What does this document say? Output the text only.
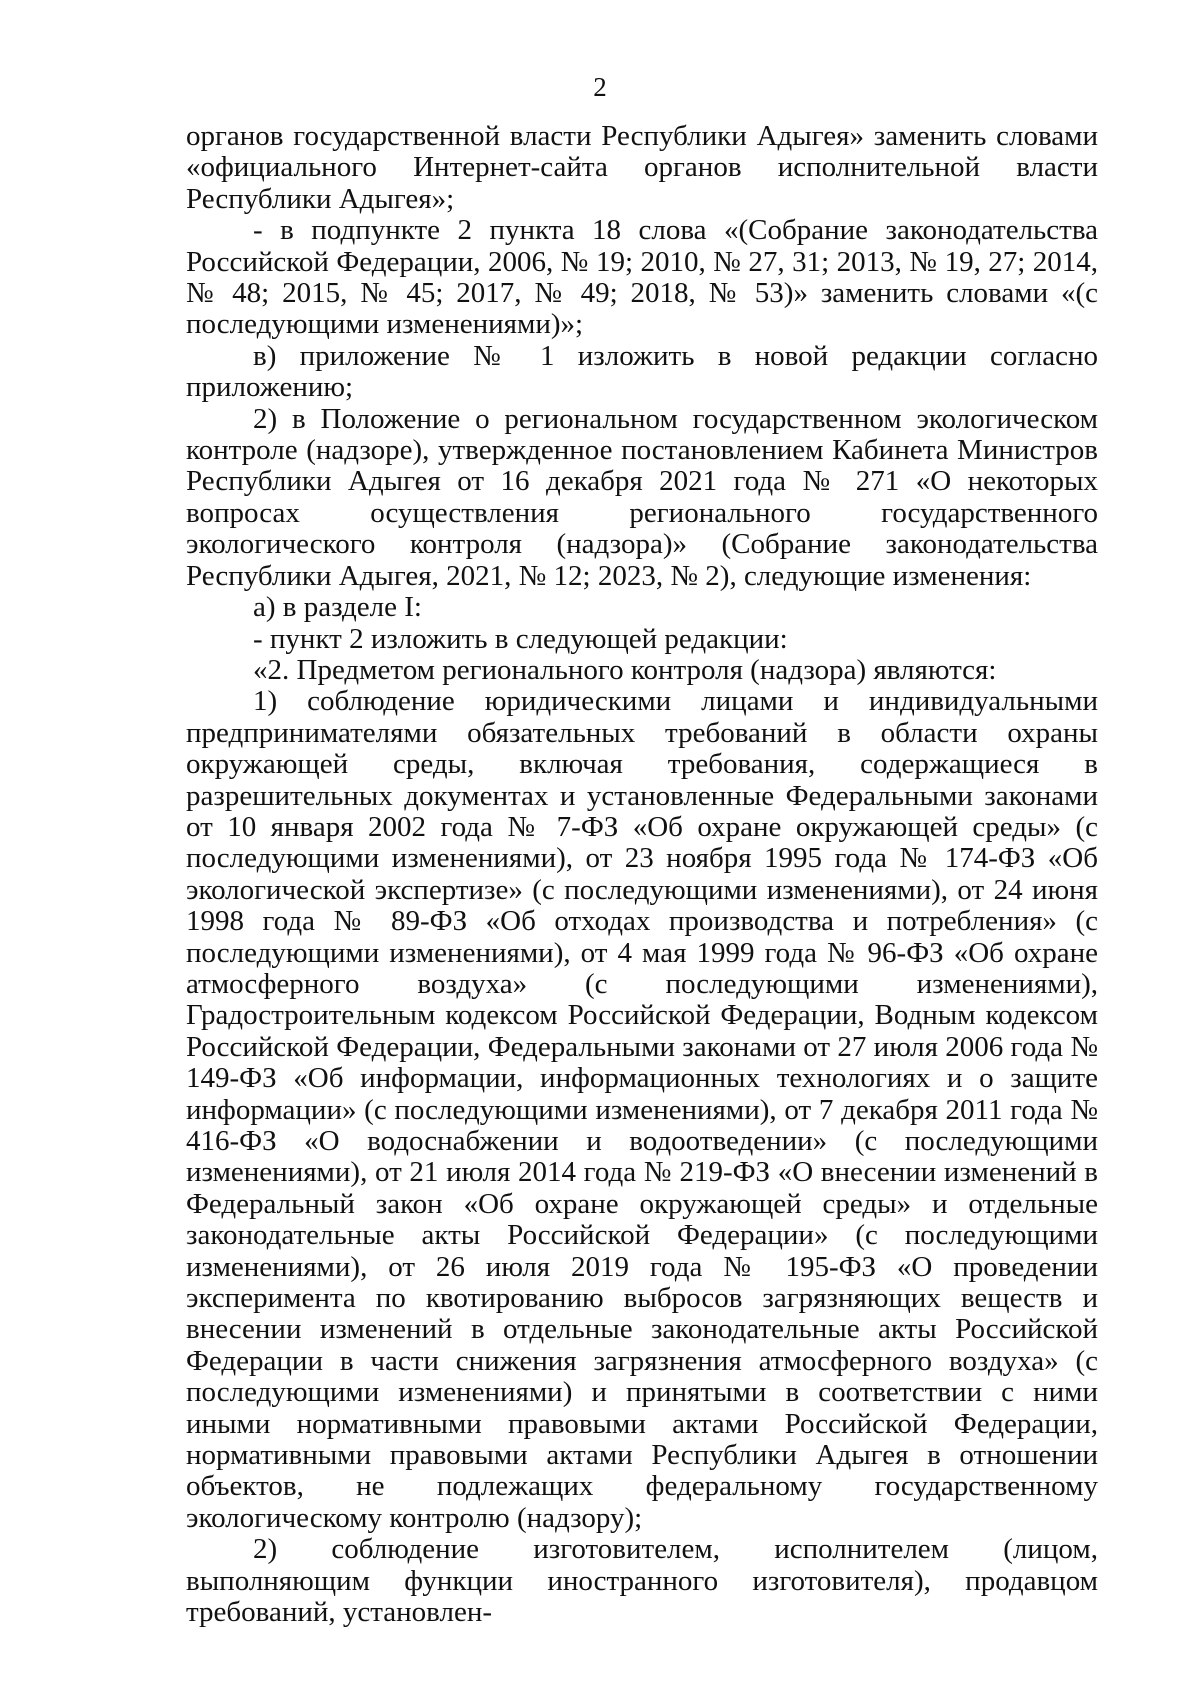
2

органов государственной власти Республики Адыгея» заменить словами «официального Интернет-сайта органов исполнительной власти Республики Адыгея»;

- в подпункте 2 пункта 18 слова «(Собрание законодательства Российской Федерации, 2006, № 19; 2010, № 27, 31; 2013, № 19, 27; 2014, № 48; 2015, № 45; 2017, № 49; 2018, № 53)» заменить словами «(с последующими изменениями)»;

в) приложение № 1 изложить в новой редакции согласно приложению;

2) в Положение о региональном государственном экологическом контроле (надзоре), утвержденное постановлением Кабинета Министров Республики Адыгея от 16 декабря 2021 года № 271 «О некоторых вопросах осуществления регионального государственного экологического контроля (надзора)» (Собрание законодательства Республики Адыгея, 2021, № 12; 2023, № 2), следующие изменения:

а) в разделе I:

- пункт 2 изложить в следующей редакции:

«2. Предметом регионального контроля (надзора) являются:

1) соблюдение юридическими лицами и индивидуальными предпринимателями обязательных требований в области охраны окружающей среды, включая требования, содержащиеся в разрешительных документах и установленные Федеральными законами от 10 января 2002 года № 7-ФЗ «Об охране окружающей среды» (с последующими изменениями), от 23 ноября 1995 года № 174-ФЗ «Об экологической экспертизе» (с последующими изменениями), от 24 июня 1998 года № 89-ФЗ «Об отходах производства и потребления» (с последующими изменениями), от 4 мая 1999 года № 96-ФЗ «Об охране атмосферного воздуха» (с последующими изменениями), Градостроительным кодексом Российской Федерации, Водным кодексом Российской Федерации, Федеральными законами от 27 июля 2006 года № 149-ФЗ «Об информации, информационных технологиях и о защите информации» (с последующими изменениями), от 7 декабря 2011 года № 416-ФЗ «О водоснабжении и водоотведении» (с последующими изменениями), от 21 июля 2014 года № 219-ФЗ «О внесении изменений в Федеральный закон «Об охране окружающей среды» и отдельные законодательные акты Российской Федерации» (с последующими изменениями), от 26 июля 2019 года № 195-ФЗ «О проведении эксперимента по квотированию выбросов загрязняющих веществ и внесении изменений в отдельные законодательные акты Российской Федерации в части снижения загрязнения атмосферного воздуха» (с последующими изменениями) и принятыми в соответствии с ними иными нормативными правовыми актами Российской Федерации, нормативными правовыми актами Республики Адыгея в отношении объектов, не подлежащих федеральному государственному экологическому контролю (надзору);

2) соблюдение изготовителем, исполнителем (лицом, выполняющим функции иностранного изготовителя), продавцом требований, установлен-
